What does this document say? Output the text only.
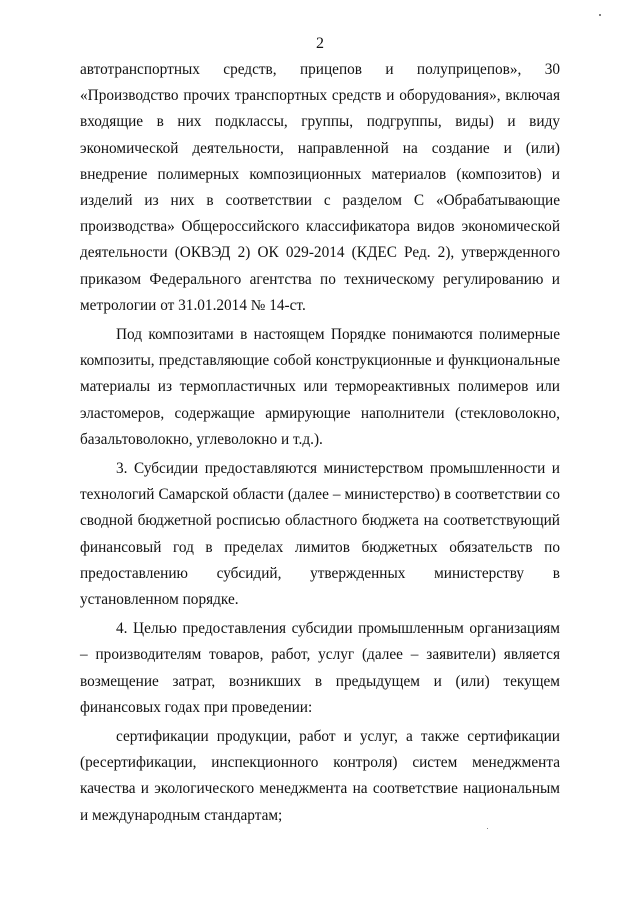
2

автотранспортных средств, прицепов и полуприцепов», 30 «Производство прочих транспортных средств и оборудования», включая входящие в них подклассы, группы, подгруппы, виды) и виду экономической деятельности, направленной на создание и (или) внедрение полимерных композиционных материалов (композитов) и изделий из них в соответствии с разделом С «Обрабатывающие производства» Общероссийского классификатора видов экономической деятельности (ОКВЭД 2) ОК 029-2014 (КДЕС Ред. 2), утвержденного приказом Федерального агентства по техническому регулированию и метрологии от 31.01.2014 № 14-ст.

Под композитами в настоящем Порядке понимаются полимерные композиты, представляющие собой конструкционные и функциональные материалы из термопластичных или термореактивных полимеров или эластомеров, содержащие армирующие наполнители (стекловолокно, базальтоволокно, углеволокно и т.д.).

3. Субсидии предоставляются министерством промышленности и технологий Самарской области (далее – министерство) в соответствии со сводной бюджетной росписью областного бюджета на соответствующий финансовый год в пределах лимитов бюджетных обязательств по предоставлению субсидий, утвержденных министерству в установленном порядке.

4. Целью предоставления субсидии промышленным организациям – производителям товаров, работ, услуг (далее – заявители) является возмещение затрат, возникших в предыдущем и (или) текущем финансовых годах при проведении:

сертификации продукции, работ и услуг, а также сертификации (ресертификации, инспекционного контроля) систем менеджмента качества и экологического менеджмента на соответствие национальным и международным стандартам;
